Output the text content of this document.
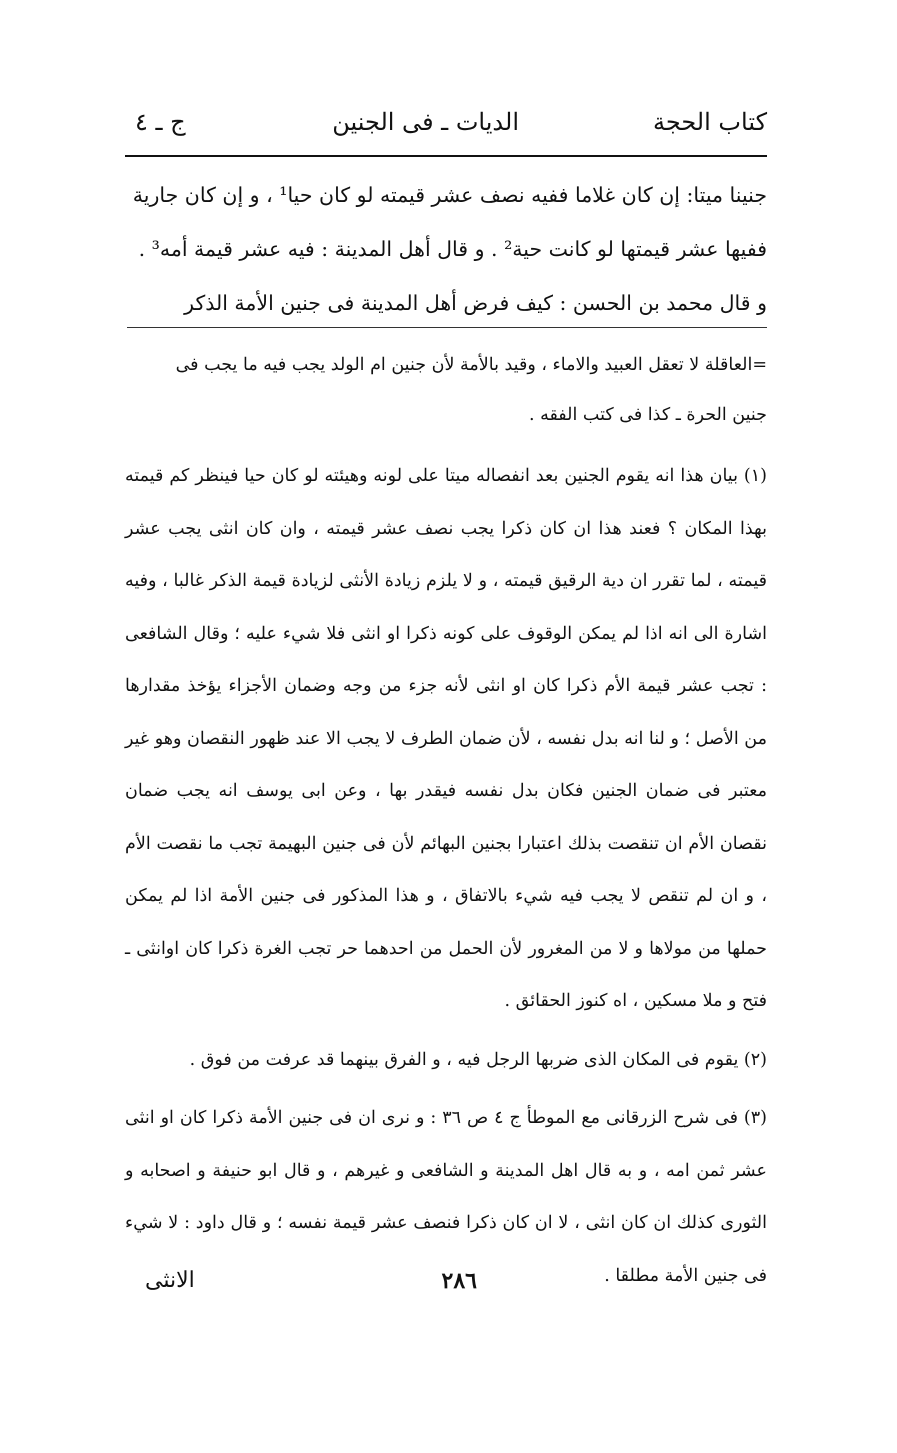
كتاب الحجة
الديات ـ فى الجنين
ج ـ ٤

جنينا ميتا: إن كان غلاما ففيه نصف عشر قيمته لو كان حيا¹ ، و إن كان جارية

ففيها عشر قيمتها لو كانت حية² . و قال أهل المدينة : فيه عشر قيمة أمه³ .

و قال محمد بن الحسن : كيف فرض أهل المدينة فى جنين الأمة الذكر

=العاقلة لا تعقل العبيد والاماء ، وقيد بالأمة لأن جنين ام الولد يجب فيه ما يجب فى
جنين الحرة ـ كذا فى كتب الفقه .

(١) بيان هذا انه يقوم الجنين بعد انفصاله ميتا على لونه وهيئته لو كان حيا فينظر كم قيمته بهذا المكان ؟ فعند هذا ان كان ذكرا يجب نصف عشر قيمته ، وان كان انثى يجب عشر قيمته ، لما تقرر ان دية الرقيق قيمته ، و لا يلزم زيادة الأنثى لزيادة قيمة الذكر غالبا ، وفيه اشارة الى انه اذا لم يمكن الوقوف على كونه ذكرا او انثى فلا شيء عليه ؛ وقال الشافعى : تجب عشر قيمة الأم ذكرا كان او انثى لأنه جزء من وجه وضمان الأجزاء يؤخذ مقدارها من الأصل ؛ و لنا انه بدل نفسه ، لأن ضمان الطرف لا يجب الا عند ظهور النقصان وهو غير معتبر فى ضمان الجنين فكان بدل نفسه فيقدر بها ، وعن ابى يوسف انه يجب ضمان نقصان الأم ان تنقصت بذلك اعتبارا بجنين البهائم لأن فى جنين البهيمة تجب ما نقصت الأم ، و ان لم تنقص لا يجب فيه شيء بالاتفاق ، و هذا المذكور فى جنين الأمة اذا لم يمكن حملها من مولاها و لا من المغرور لأن الحمل من احدهما حر تجب الغرة ذكرا كان اوانثى ـ فتح و ملا مسكين ، اه كنوز الحقائق .

(٢) يقوم فى المكان الذى ضربها الرجل فيه ، و الفرق بينهما قد عرفت من فوق .

(٣) فى شرح الزرقانى مع الموطأ ج ٤ ص ٣٦ : و نرى ان فى جنين الأمة ذكرا كان او انثى عشر ثمن امه ، و به قال اهل المدينة و الشافعى و غيرهم ، و قال ابو حنيفة و اصحابه و الثورى كذلك ان كان انثى ، لا ان كان ذكرا فنصف عشر قيمة نفسه ؛ و قال داود : لا شيء فى جنين الأمة مطلقا .

٢٨٦
الانثى
